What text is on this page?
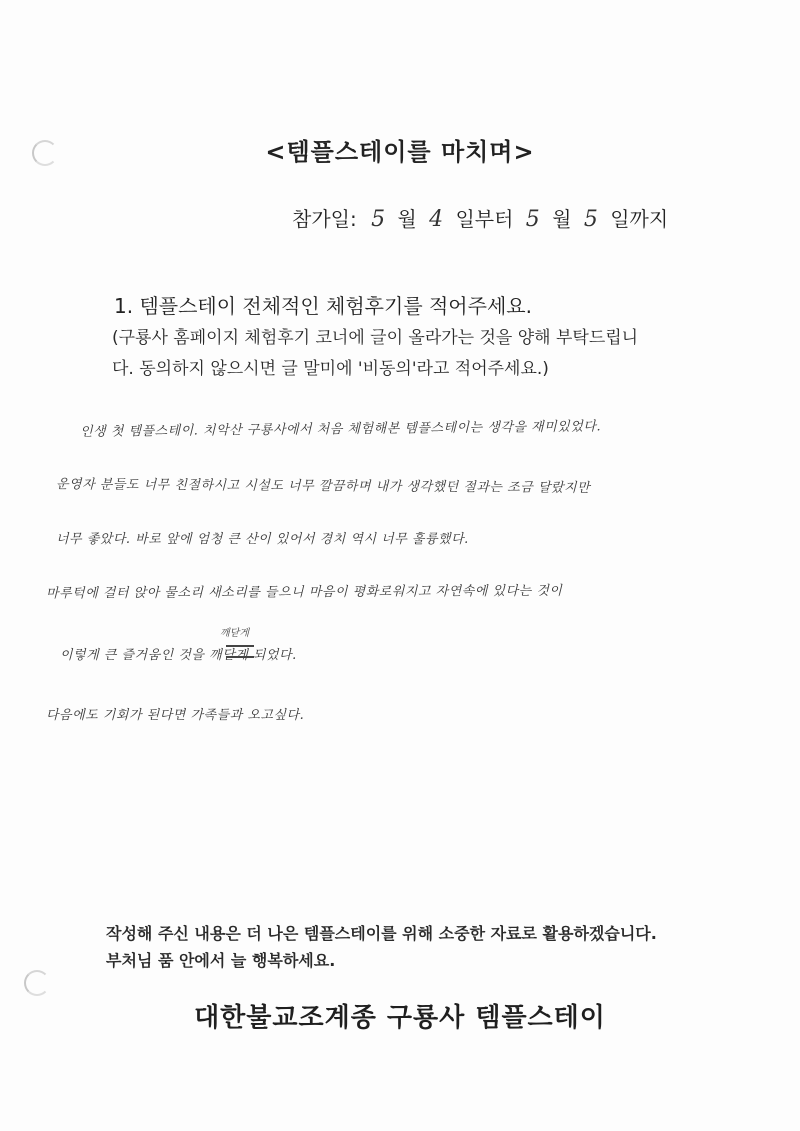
<템플스테이를 마치며>
참가일: 5 월 4 일부터 5 월 5 일까지
1. 템플스테이 전체적인 체험후기를 적어주세요.
(구룡사 홈페이지 체험후기 코너에 글이 올라가는 것을 양해 부탁드립니
다. 동의하지 않으시면 글 말미에 '비동의'라고 적어주세요.)
인생 첫 템플스테이. 치악산 구룡사에서 처음 체험해본 템플스테이는 생각을 재미있었다.
운영자 분들도 너무 친절하시고 시설도 너무 깔끔하며 내가 생각했던 절과는 조금 달랐지만
너무 좋았다. 바로 앞에 엄청 큰 산이 있어서 경치 역시 너무 훌륭했다.
마루턱에 걸터 앉아 물소리 새소리를 들으니 마음이 평화로워지고 자연속에 있다는 것이
깨닫게
이렇게 큰 즐거움인 것을 깨닫게 되었다.
다음에도 기회가 된다면 가족들과 오고싶다.
작성해 주신 내용은 더 나은 템플스테이를 위해 소중한 자료로 활용하겠습니다.
부처님 품 안에서 늘 행복하세요.
대한불교조계종 구룡사 템플스테이
